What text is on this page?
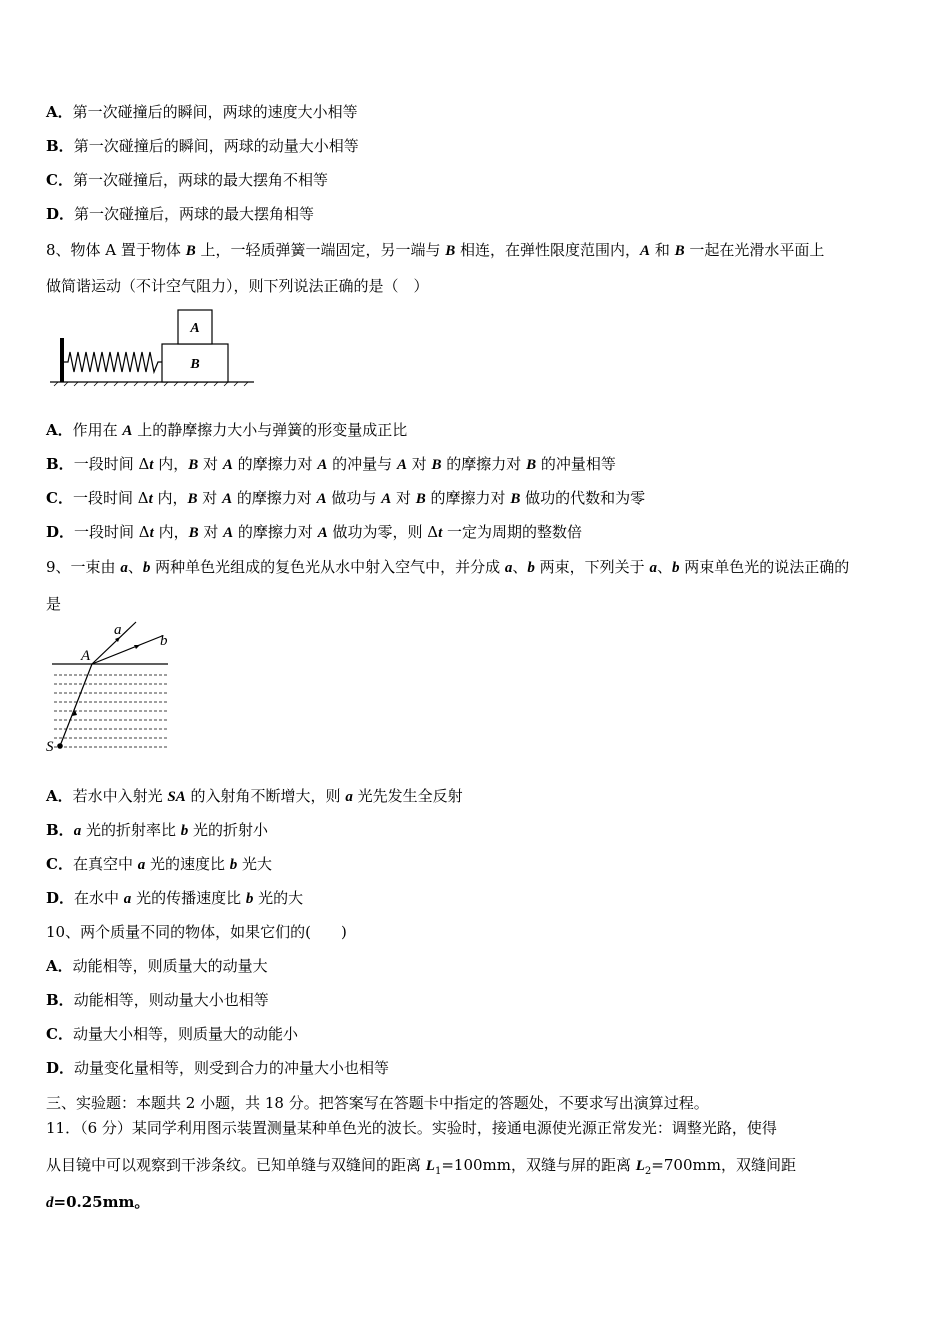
A．第一次碰撞后的瞬间，两球的速度大小相等
B．第一次碰撞后的瞬间，两球的动量大小相等
C．第一次碰撞后，两球的最大摆角不相等
D．第一次碰撞后，两球的最大摆角相等
8、物体 A 置于物体 B 上，一轻质弹簧一端固定，另一端与 B 相连，在弹性限度范围内，A 和 B 一起在光滑水平面上
做简谐运动（不计空气阻力），则下列说法正确的是（　）
A
B
A．作用在 A 上的静摩擦力大小与弹簧的形变量成正比
B．一段时间 Δt 内，B 对 A 的摩擦力对 A 的冲量与 A 对 B 的摩擦力对 B 的冲量相等
C．一段时间 Δt 内，B 对 A 的摩擦力对 A 做功与 A 对 B 的摩擦力对 B 做功的代数和为零
D．一段时间 Δt 内，B 对 A 的摩擦力对 A 做功为零，则 Δt 一定为周期的整数倍
9、一束由 a、b 两种单色光组成的复色光从水中射入空气中，并分成 a、b 两束，下列关于 a、b 两束单色光的说法正确的
是
a
b
A
S
A．若水中入射光 SA 的入射角不断增大，则 a 光先发生全反射
B．a 光的折射率比 b 光的折射小
C．在真空中 a 光的速度比 b 光大
D．在水中 a 光的传播速度比 b 光的大
10、两个质量不同的物体，如果它们的(　　)
A．动能相等，则质量大的动量大
B．动能相等，则动量大小也相等
C．动量大小相等，则质量大的动能小
D．动量变化量相等，则受到合力的冲量大小也相等
三、实验题：本题共 2 小题，共 18 分。把答案写在答题卡中指定的答题处，不要求写出演算过程。
11．（6 分）某同学利用图示装置测量某种单色光的波长。实验时，接通电源使光源正常发光：调整光路，使得
从目镜中可以观察到干涉条纹。已知单缝与双缝间的距离 $L_1=100mm$，双缝与屏的距离 $L_2=700mm$，双缝间距
d=0.25mm。
